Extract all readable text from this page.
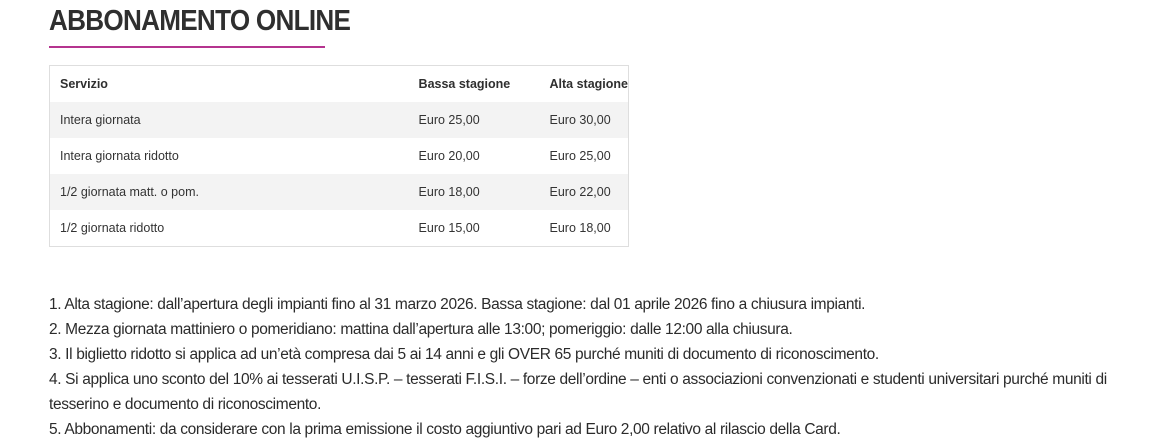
ABBONAMENTO ONLINE
Servizio	Bassa stagione	Alta stagione
Intera giornata	Euro 25,00	Euro 30,00
Intera giornata ridotto	Euro 20,00	Euro 25,00
1/2 giornata matt. o pom.	Euro 18,00	Euro 22,00
1/2 giornata ridotto	Euro 15,00	Euro 18,00

1. Alta stagione: dall’apertura degli impianti fino al 31 marzo 2026. Bassa stagione: dal 01 aprile 2026 fino a chiusura impianti.

2. Mezza giornata mattiniero o pomeridiano: mattina dall’apertura alle 13:00; pomeriggio: dalle 12:00 alla chiusura.

3. Il biglietto ridotto si applica ad un’età compresa dai 5 ai 14 anni e gli OVER 65 purché muniti di documento di riconoscimento.

4. Si applica uno sconto del 10% ai tesserati U.I.S.P. – tesserati F.I.S.I. – forze dell’ordine – enti o associazioni convenzionati e studenti universitari purché muniti di tesserino e documento di riconoscimento.

5. Abbonamenti: da considerare con la prima emissione il costo aggiuntivo pari ad Euro 2,00 relativo al rilascio della Card.
